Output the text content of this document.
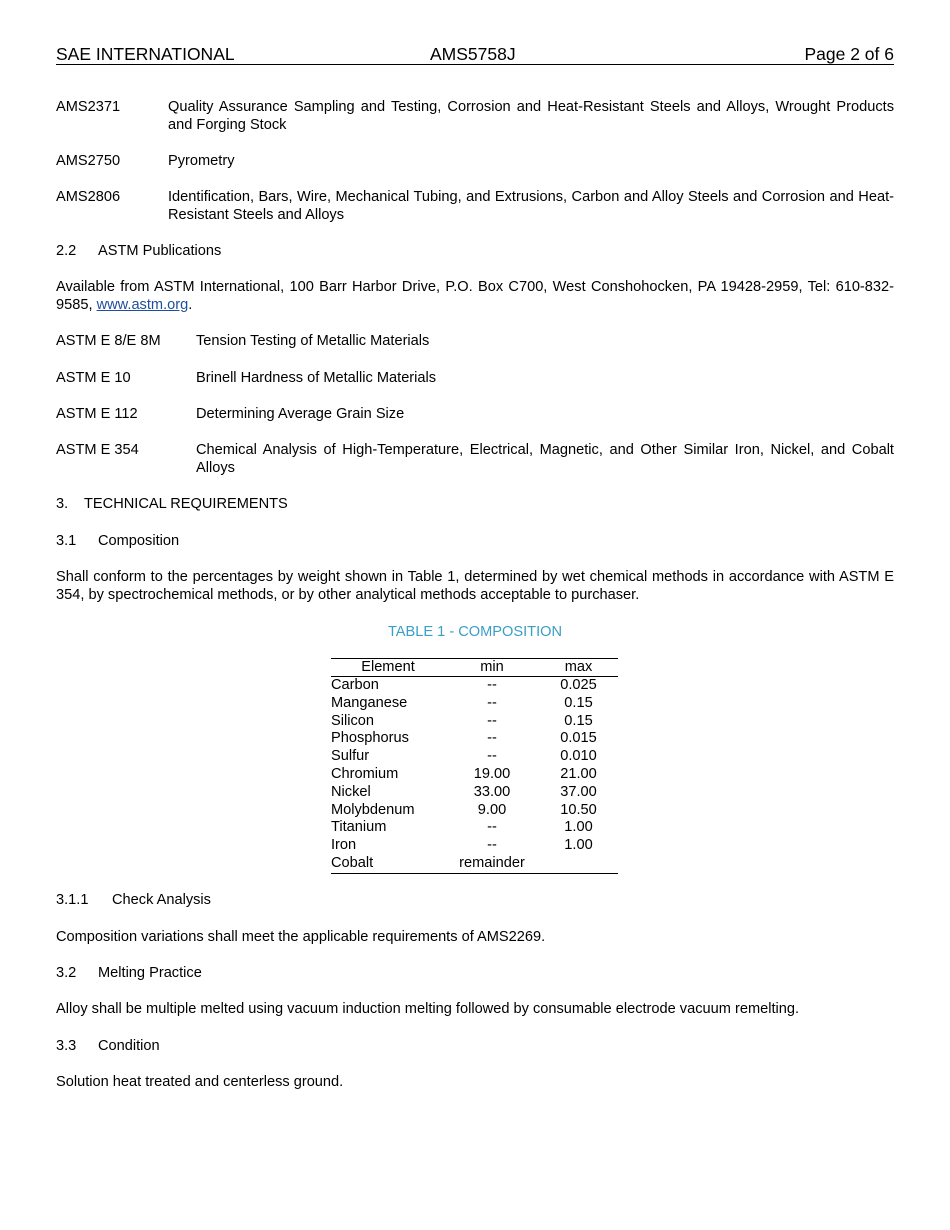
SAE INTERNATIONAL	AMS5758J	Page 2 of 6
AMS2371	Quality Assurance Sampling and Testing, Corrosion and Heat-Resistant Steels and Alloys, Wrought Products and Forging Stock
AMS2750	Pyrometry
AMS2806	Identification, Bars, Wire, Mechanical Tubing, and Extrusions, Carbon and Alloy Steels and Corrosion and Heat-Resistant Steels and Alloys
2.2 ASTM Publications
Available from ASTM International, 100 Barr Harbor Drive, P.O. Box C700, West Conshohocken, PA 19428-2959, Tel: 610-832-9585, www.astm.org.
ASTM E 8/E 8M Tension Testing of Metallic Materials
ASTM E 10	Brinell Hardness of Metallic Materials
ASTM E 112	Determining Average Grain Size
ASTM E 354	Chemical Analysis of High-Temperature, Electrical, Magnetic, and Other Similar Iron, Nickel, and Cobalt Alloys
3. TECHNICAL REQUIREMENTS
3.1 Composition
Shall conform to the percentages by weight shown in Table 1, determined by wet chemical methods in accordance with ASTM E 354, by spectrochemical methods, or by other analytical methods acceptable to purchaser.
TABLE 1 - COMPOSITION
Element	min	max
Carbon	--	0.025
Manganese	--	0.15
Silicon	--	0.15
Phosphorus	--	0.015
Sulfur	--	0.010
Chromium	19.00	21.00
Nickel	33.00	37.00
Molybdenum	9.00	10.50
Titanium	--	1.00
Iron	--	1.00
Cobalt	remainder	
3.1.1 Check Analysis
Composition variations shall meet the applicable requirements of AMS2269.
3.2 Melting Practice
Alloy shall be multiple melted using vacuum induction melting followed by consumable electrode vacuum remelting.
3.3 Condition
Solution heat treated and centerless ground.
